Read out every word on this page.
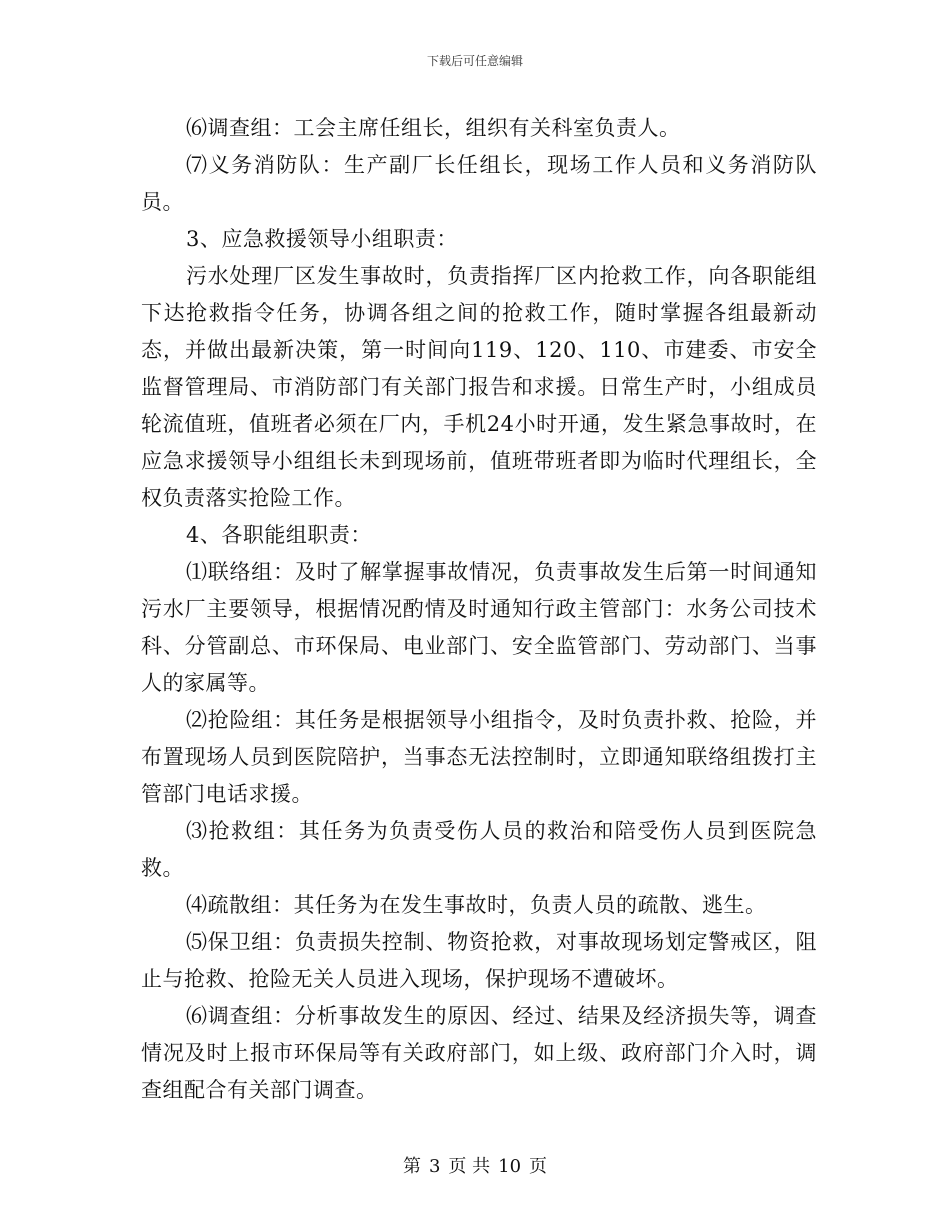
下载后可任意编辑

⑹调查组：工会主席任组长，组织有关科室负责人。

⑺义务消防队：生产副厂长任组长，现场工作人员和义务消防队员。

3、应急救援领导小组职责：

污水处理厂区发生事故时，负责指挥厂区内抢救工作，向各职能组下达抢救指令任务，协调各组之间的抢救工作，随时掌握各组最新动态，并做出最新决策，第一时间向119、120、110、市建委、市安全监督管理局、市消防部门有关部门报告和求援。日常生产时，小组成员轮流值班，值班者必须在厂内，手机24小时开通，发生紧急事故时，在应急求援领导小组组长未到现场前，值班带班者即为临时代理组长，全权负责落实抢险工作。

4、各职能组职责：

⑴联络组：及时了解掌握事故情况，负责事故发生后第一时间通知污水厂主要领导，根据情况酌情及时通知行政主管部门：水务公司技术科、分管副总、市环保局、电业部门、安全监管部门、劳动部门、当事人的家属等。

⑵抢险组：其任务是根据领导小组指令，及时负责扑救、抢险，并布置现场人员到医院陪护，当事态无法控制时，立即通知联络组拨打主管部门电话求援。

⑶抢救组：其任务为负责受伤人员的救治和陪受伤人员到医院急救。

⑷疏散组：其任务为在发生事故时，负责人员的疏散、逃生。

⑸保卫组：负责损失控制、物资抢救，对事故现场划定警戒区，阻止与抢救、抢险无关人员进入现场，保护现场不遭破坏。

⑹调查组：分析事故发生的原因、经过、结果及经济损失等，调查情况及时上报市环保局等有关政府部门，如上级、政府部门介入时，调查组配合有关部门调查。

第 3 页 共 10 页
